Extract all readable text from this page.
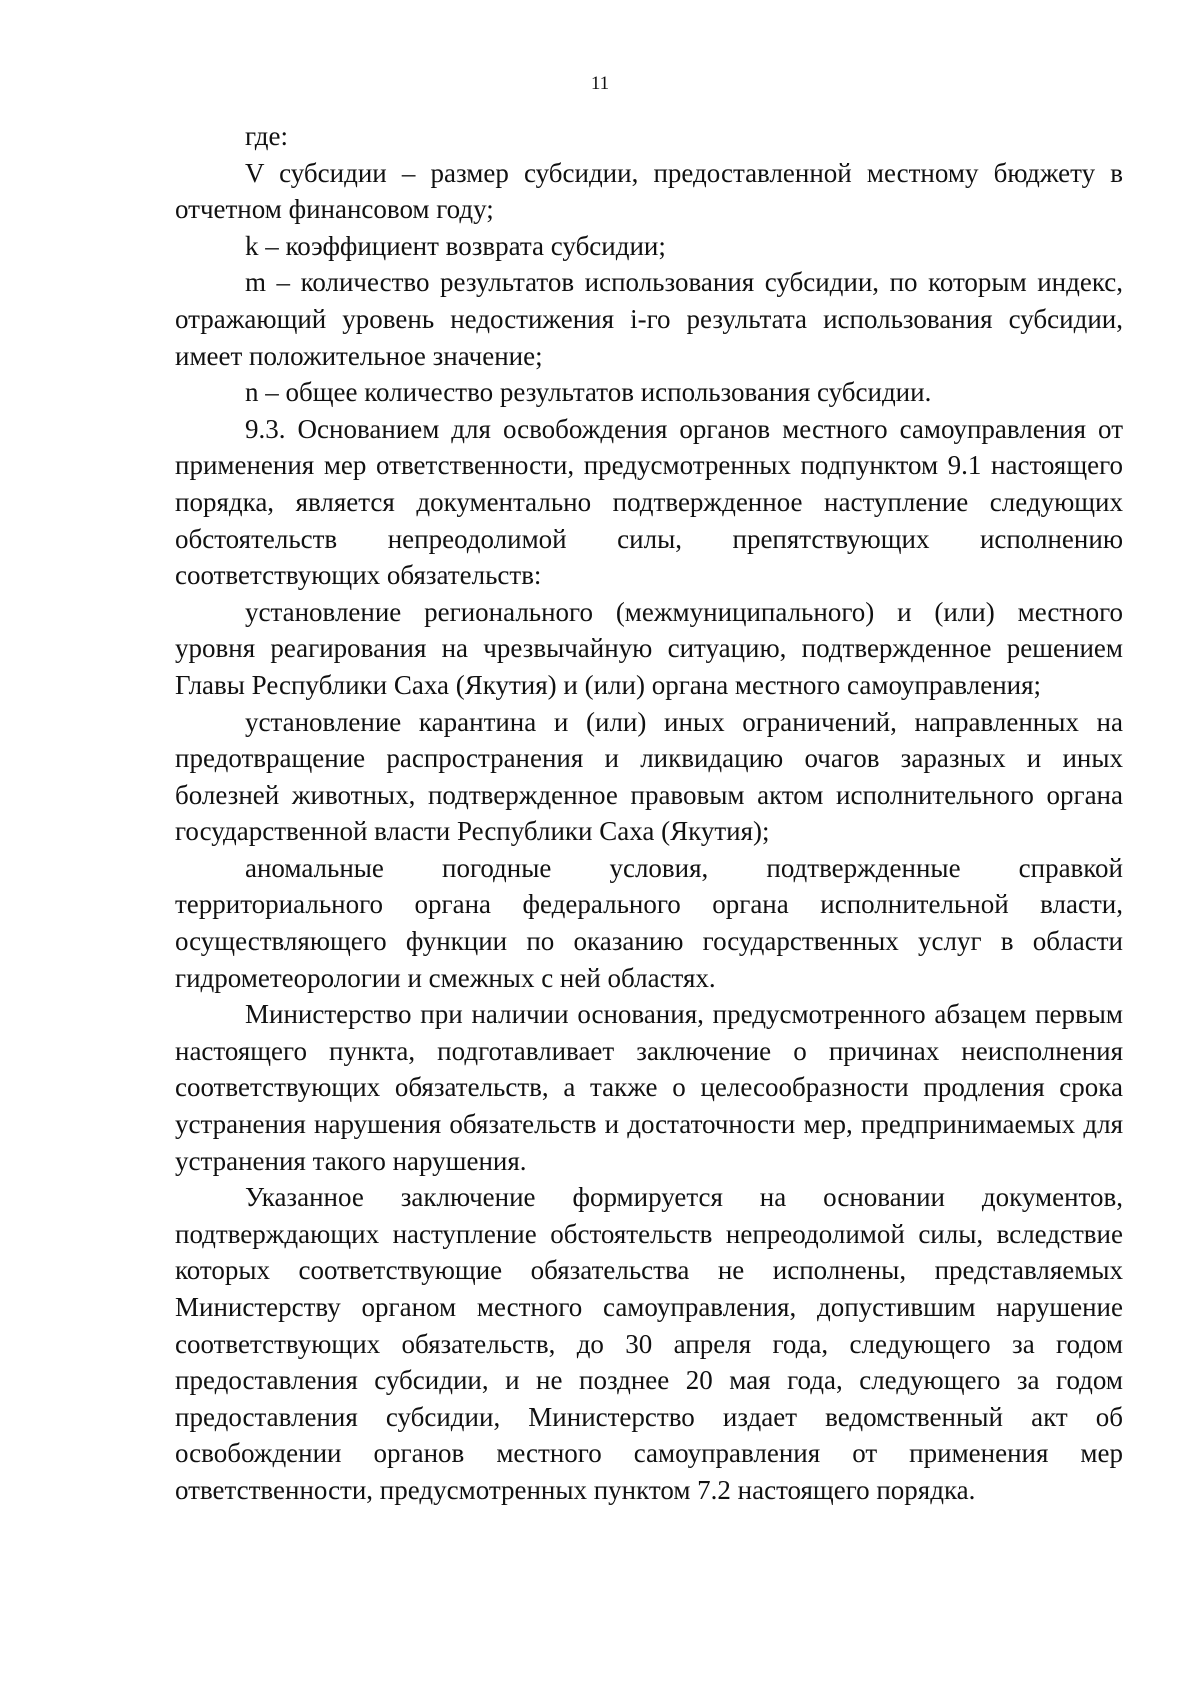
11

где:

V субсидии – размер субсидии, предоставленной местному бюджету в отчетном финансовом году;

k – коэффициент возврата субсидии;

m – количество результатов использования субсидии, по которым индекс, отражающий уровень недостижения i-го результата использования субсидии, имеет положительное значение;

n – общее количество результатов использования субсидии.

9.3. Основанием для освобождения органов местного самоуправления от применения мер ответственности, предусмотренных подпунктом 9.1 настоящего порядка, является документально подтвержденное наступление следующих обстоятельств непреодолимой силы, препятствующих исполнению соответствующих обязательств:

установление регионального (межмуниципального) и (или) местного уровня реагирования на чрезвычайную ситуацию, подтвержденное решением Главы Республики Саха (Якутия) и (или) органа местного самоуправления;

установление карантина и (или) иных ограничений, направленных на предотвращение распространения и ликвидацию очагов заразных и иных болезней животных, подтвержденное правовым актом исполнительного органа государственной власти Республики Саха (Якутия);

аномальные погодные условия, подтвержденные справкой территориального органа федерального органа исполнительной власти, осуществляющего функции по оказанию государственных услуг в области гидрометеорологии и смежных с ней областях.

Министерство при наличии основания, предусмотренного абзацем первым настоящего пункта, подготавливает заключение о причинах неисполнения соответствующих обязательств, а также о целесообразности продления срока устранения нарушения обязательств и достаточности мер, предпринимаемых для устранения такого нарушения.

Указанное заключение формируется на основании документов, подтверждающих наступление обстоятельств непреодолимой силы, вследствие которых соответствующие обязательства не исполнены, представляемых Министерству органом местного самоуправления, допустившим нарушение соответствующих обязательств, до 30 апреля года, следующего за годом предоставления субсидии, и не позднее 20 мая года, следующего за годом предоставления субсидии, Министерство издает ведомственный акт об освобождении органов местного самоуправления от применения мер ответственности, предусмотренных пунктом 7.2 настоящего порядка.
